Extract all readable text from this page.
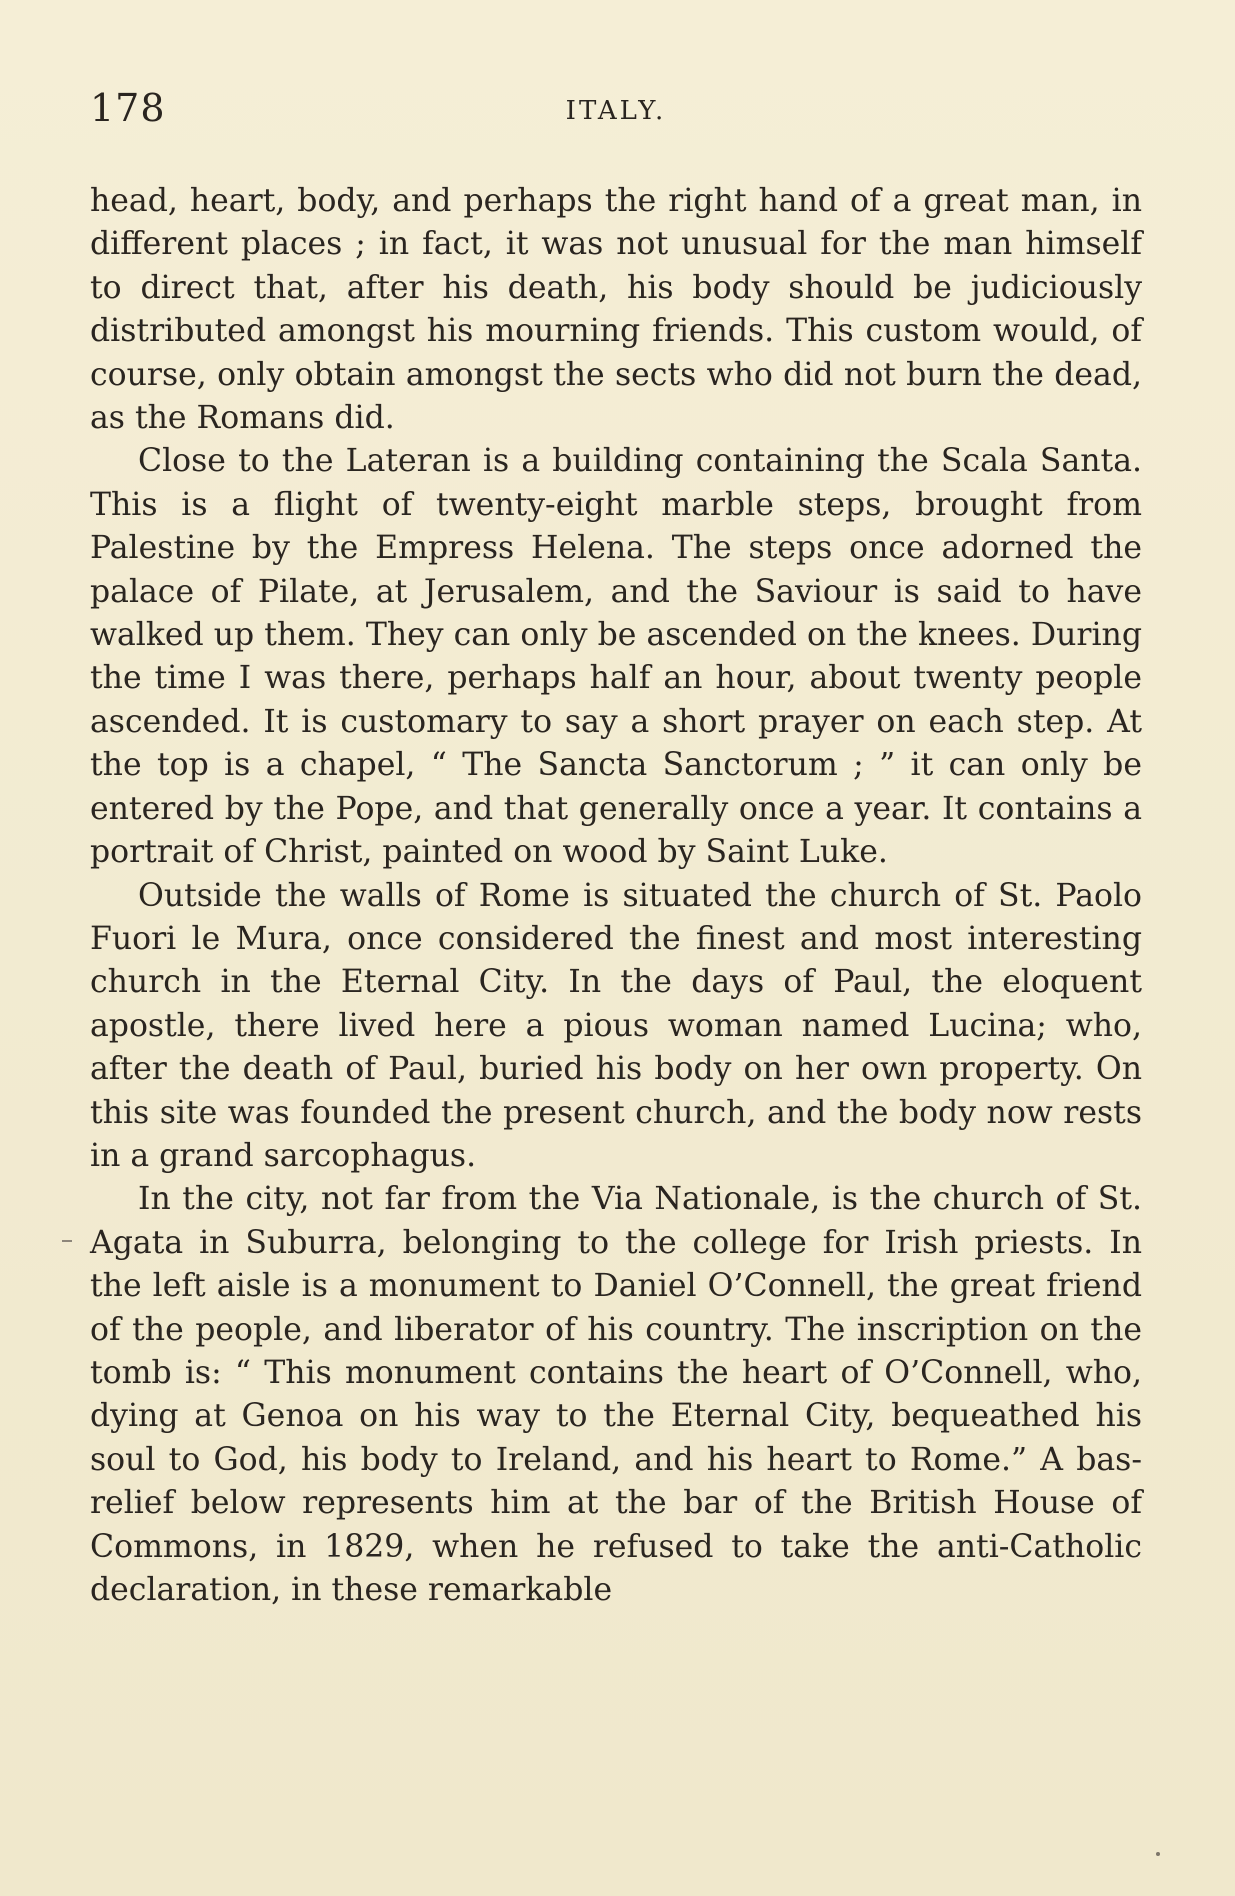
178	ITALY.

head, heart, body, and perhaps the right hand of a great man, in different places ; in fact, it was not unusual for the man himself to direct that, after his death, his body should be judiciously distributed amongst his mourning friends. This custom would, of course, only obtain amongst the sects who did not burn the dead, as the Romans did.

Close to the Lateran is a building containing the Scala Santa. This is a flight of twenty-eight marble steps, brought from Palestine by the Empress Helena. The steps once adorned the palace of Pilate, at Jerusalem, and the Saviour is said to have walked up them. They can only be ascended on the knees. During the time I was there, perhaps half an hour, about twenty people ascended. It is customary to say a short prayer on each step. At the top is a chapel, “ The Sancta Sanctorum ; ” it can only be entered by the Pope, and that generally once a year. It contains a portrait of Christ, painted on wood by Saint Luke.

Outside the walls of Rome is situated the church of St. Paolo Fuori le Mura, once considered the finest and most interesting church in the Eternal City. In the days of Paul, the eloquent apostle, there lived here a pious woman named Lucina; who, after the death of Paul, buried his body on her own property. On this site was founded the present church, and the body now rests in a grand sarcophagus.

In the city, not far from the Via Nationale, is the church of St. Agata in Suburra, belonging to the college for Irish priests. In the left aisle is a monument to Daniel O’Connell, the great friend of the people, and liberator of his country. The inscription on the tomb is: “ This monument contains the heart of O’Connell, who, dying at Genoa on his way to the Eternal City, bequeathed his soul to God, his body to Ireland, and his heart to Rome.” A bas-relief below represents him at the bar of the British House of Commons, in 1829, when he refused to take the anti-Catholic declaration, in these remarkable
